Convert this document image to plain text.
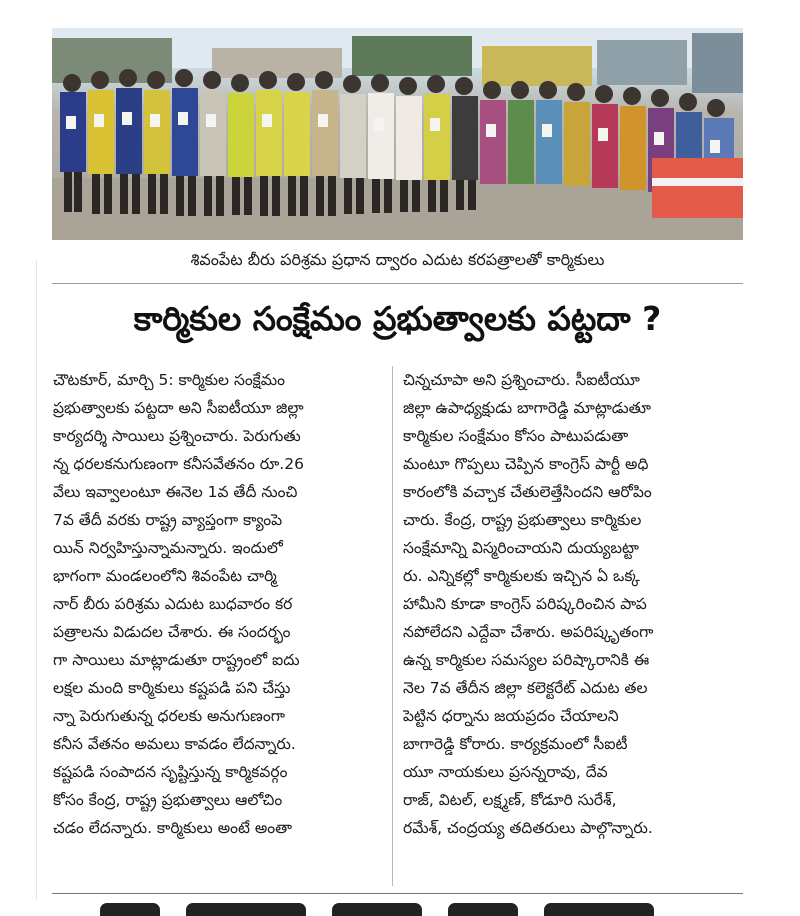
శివంపేట బీరు పరిశ్రమ ప్రధాన ద్వారం ఎదుట కరపత్రాలతో కార్మికులు
కార్మికుల సంక్షేమం ప్రభుత్వాలకు పట్టదా ?
చౌటకూర్, మార్చి 5: కార్మికుల సంక్షేమం
ప్రభుత్వాలకు పట్టదా అని సీఐటీయూ జిల్లా
కార్యదర్శి సాయిలు ప్రశ్నించారు. పెరుగుతు
న్న ధరలకనుగుణంగా కనీసవేతనం రూ.26
వేలు ఇవ్వాలంటూ ఈనెల 1వ తేదీ నుంచి
7వ తేదీ వరకు రాష్ట్ర వ్యాప్తంగా క్యాంపె
యిన్ నిర్వహిస్తున్నామన్నారు. ఇందులో
భాగంగా మండలంలోని శివంపేట చార్మి
నార్ బీరు పరిశ్రమ ఎదుట బుధవారం కర
పత్రాలను విడుదల చేశారు. ఈ సందర్భం
గా సాయిలు మాట్లాడుతూ రాష్ట్రంలో ఐదు
లక్షల మంది కార్మికులు కష్టపడి పని చేస్తు
న్నా పెరుగుతున్న ధరలకు అనుగుణంగా
కనీస వేతనం అమలు కావడం లేదన్నారు.
కష్టపడి సంపాదన సృష్టిస్తున్న కార్మికవర్గం
కోసం కేంద్ర, రాష్ట్ర ప్రభుత్వాలు ఆలోచిం
చడం లేదన్నారు. కార్మికులు అంటే అంతా
చిన్నచూపా అని ప్రశ్నించారు. సీఐటీయూ
జిల్లా ఉపాధ్యక్షుడు బాగారెడ్డి మాట్లాడుతూ
కార్మికుల సంక్షేమం కోసం పాటుపడుతా
మంటూ గొప్పలు చెప్పిన కాంగ్రెస్ పార్టీ అధి
కారంలోకి వచ్చాక చేతులెత్తేసిందని ఆరోపిం
చారు. కేంద్ర, రాష్ట్ర ప్రభుత్వాలు కార్మికుల
సంక్షేమాన్ని విస్మరించాయని దుయ్యబట్టా
రు. ఎన్నికల్లో కార్మికులకు ఇచ్చిన ఏ ఒక్క
హామీని కూడా కాంగ్రెస్ పరిష్కరించిన పాప
నపోలేదని ఎద్దేవా చేశారు. అపరిష్కృతంగా
ఉన్న కార్మికుల సమస్యల పరిష్కారానికి ఈ
నెల 7వ తేదీన జిల్లా కలెక్టరేట్ ఎదుట తల
పెట్టిన ధర్నాను జయప్రదం చేయాలని
బాగారెడ్డి కోరారు. కార్యక్రమంలో సీఐటీ
యూ నాయకులు ప్రసన్నరావు, దేవ
రాజ్, విటల్, లక్ష్మణ్, కోడూరి సురేశ్,
రమేశ్, చంద్రయ్య తదితరులు పాల్గొన్నారు.
